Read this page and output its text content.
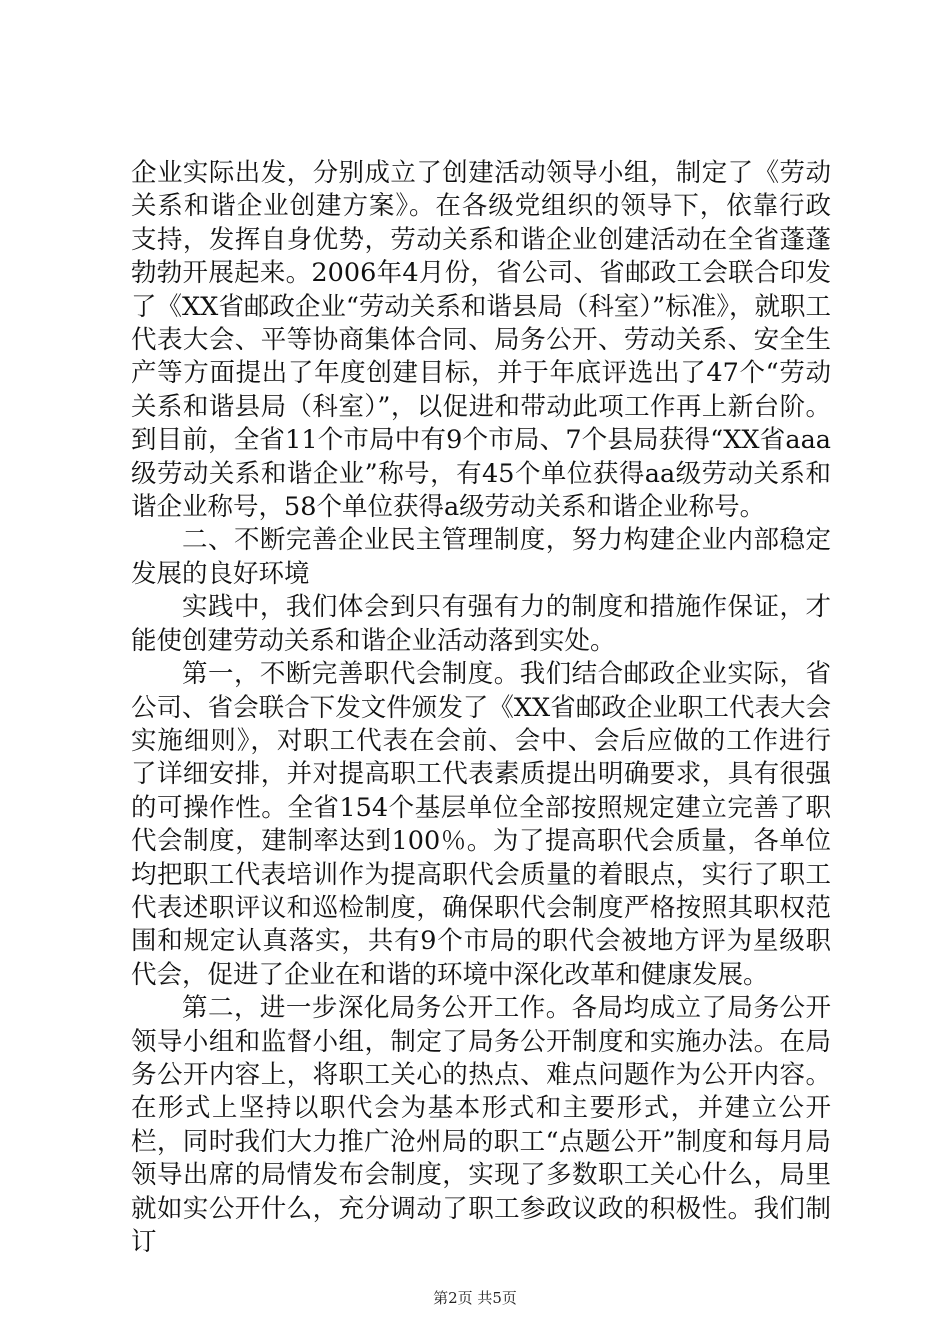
企业实际出发，分别成立了创建活动领导小组，制定了《劳动关系和谐企业创建方案》。在各级党组织的领导下，依靠行政支持，发挥自身优势，劳动关系和谐企业创建活动在全省蓬蓬勃勃开展起来。2006年4月份，省公司、省邮政工会联合印发了《XX省邮政企业“劳动关系和谐县局（科室）”标准》，就职工代表大会、平等协商集体合同、局务公开、劳动关系、安全生产等方面提出了年度创建目标，并于年底评选出了47个“劳动关系和谐县局（科室）”，以促进和带动此项工作再上新台阶。到目前，全省11个市局中有9个市局、7个县局获得“XX省aaa级劳动关系和谐企业”称号，有45个单位获得aa级劳动关系和谐企业称号，58个单位获得a级劳动关系和谐企业称号。

二、不断完善企业民主管理制度，努力构建企业内部稳定发展的良好环境

实践中，我们体会到只有强有力的制度和措施作保证，才能使创建劳动关系和谐企业活动落到实处。

第一，不断完善职代会制度。我们结合邮政企业实际，省公司、省会联合下发文件颁发了《XX省邮政企业职工代表大会实施细则》，对职工代表在会前、会中、会后应做的工作进行了详细安排，并对提高职工代表素质提出明确要求，具有很强的可操作性。全省154个基层单位全部按照规定建立完善了职代会制度，建制率达到100％。为了提高职代会质量，各单位均把职工代表培训作为提高职代会质量的着眼点，实行了职工代表述职评议和巡检制度，确保职代会制度严格按照其职权范围和规定认真落实，共有9个市局的职代会被地方评为星级职代会，促进了企业在和谐的环境中深化改革和健康发展。

第二，进一步深化局务公开工作。各局均成立了局务公开领导小组和监督小组，制定了局务公开制度和实施办法。在局务公开内容上，将职工关心的热点、难点问题作为公开内容。在形式上坚持以职代会为基本形式和主要形式，并建立公开栏，同时我们大力推广沧州局的职工“点题公开”制度和每月局领导出席的局情发布会制度，实现了多数职工关心什么，局里就如实公开什么，充分调动了职工参政议政的积极性。我们制订

第2页 共5页
